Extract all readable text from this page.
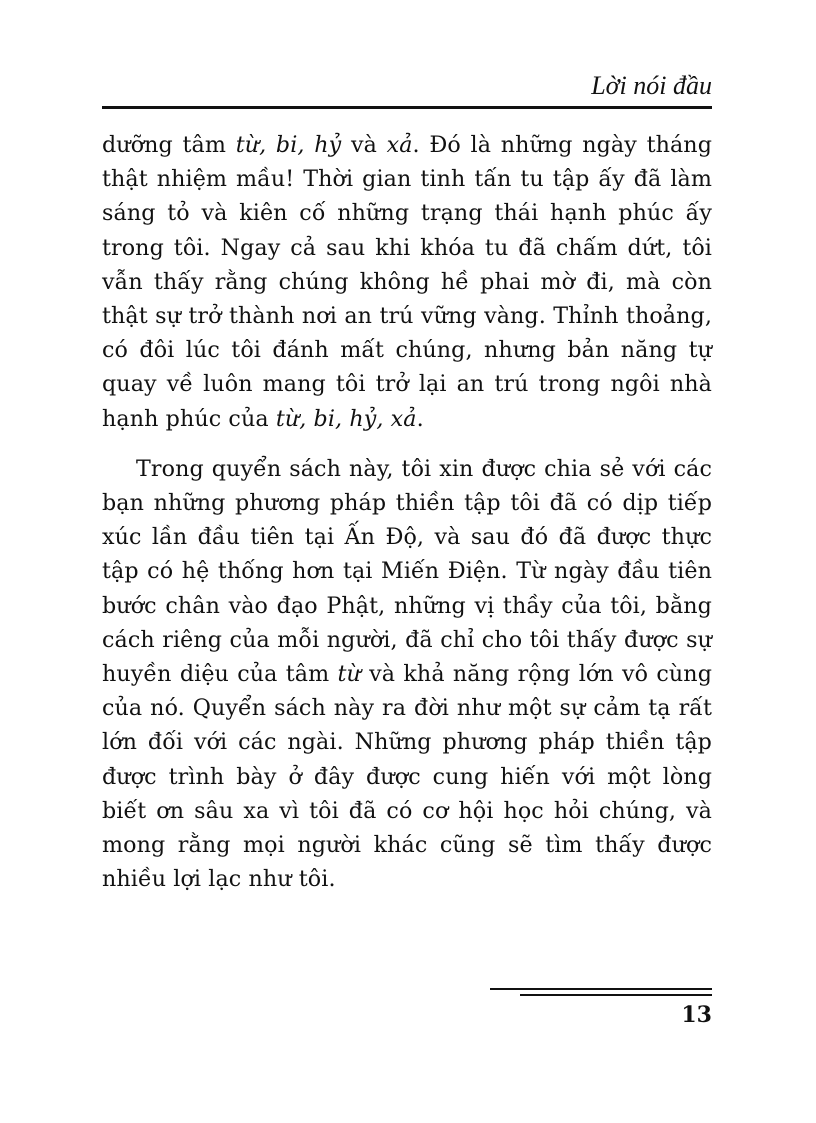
Lời nói đầu

dưỡng tâm từ, bi, hỷ và xả. Đó là những ngày tháng thật nhiệm mầu! Thời gian tinh tấn tu tập ấy đã làm sáng tỏ và kiên cố những trạng thái hạnh phúc ấy trong tôi. Ngay cả sau khi khóa tu đã chấm dứt, tôi vẫn thấy rằng chúng không hề phai mờ đi, mà còn thật sự trở thành nơi an trú vững vàng. Thỉnh thoảng, có đôi lúc tôi đánh mất chúng, nhưng bản năng tự quay về luôn mang tôi trở lại an trú trong ngôi nhà hạnh phúc của từ, bi, hỷ, xả.

Trong quyển sách này, tôi xin được chia sẻ với các bạn những phương pháp thiền tập tôi đã có dịp tiếp xúc lần đầu tiên tại Ấn Độ, và sau đó đã được thực tập có hệ thống hơn tại Miến Điện. Từ ngày đầu tiên bước chân vào đạo Phật, những vị thầy của tôi, bằng cách riêng của mỗi người, đã chỉ cho tôi thấy được sự huyền diệu của tâm từ và khả năng rộng lớn vô cùng của nó. Quyển sách này ra đời như một sự cảm tạ rất lớn đối với các ngài. Những phương pháp thiền tập được trình bày ở đây được cung hiến với một lòng biết ơn sâu xa vì tôi đã có cơ hội học hỏi chúng, và mong rằng mọi người khác cũng sẽ tìm thấy được nhiều lợi lạc như tôi.

13
